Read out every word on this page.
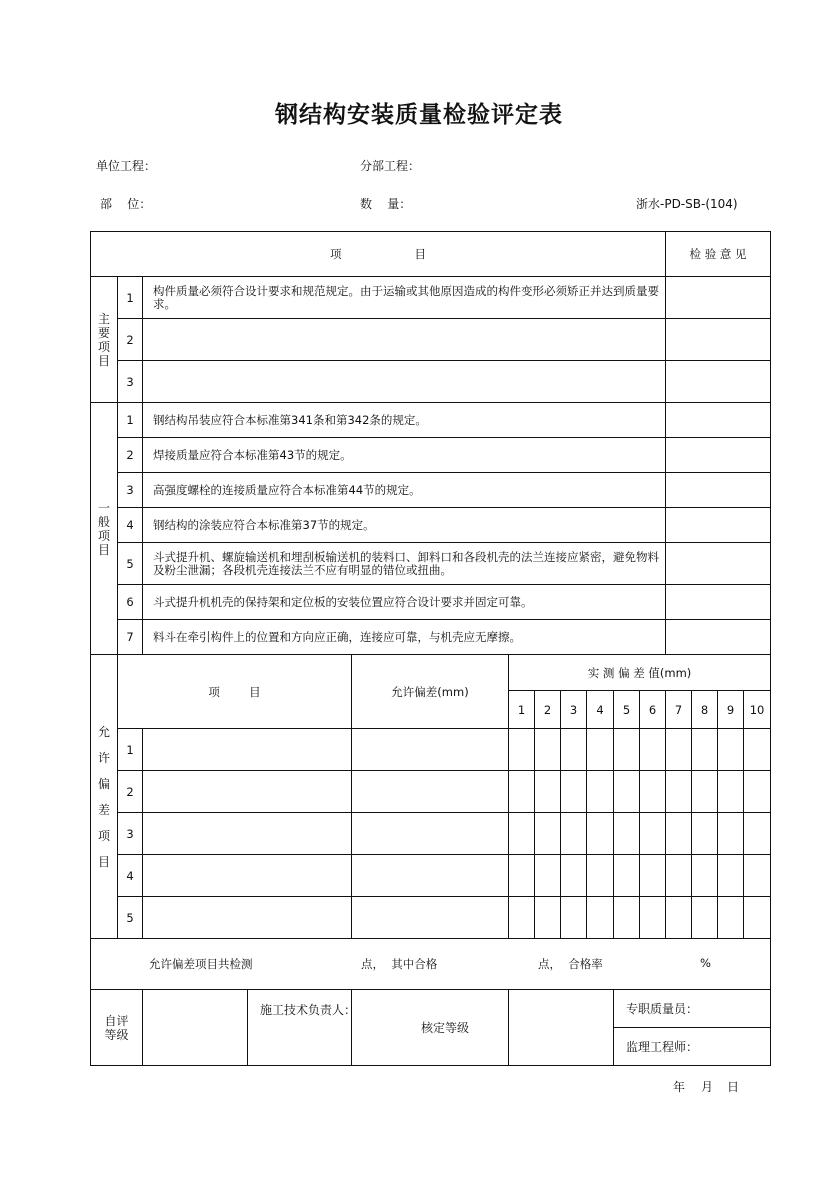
钢结构安装质量检验评定表
单位工程：	分部工程：
部    位：	数    量：	浙水-PD-SB-(104)
项                    目											检 验 意 见			

主要项目	1	构件质量必须符合设计要求和规范规定。由于运输或其他原因造成的构件变形必须矫正并达到质量要求。												
	2													
	3													

一般项目	1	钢结构吊装应符合本标准第341条和第342条的规定。												
	2	焊接质量应符合本标准第43节的规定。												
	3	高强度螺栓的连接质量应符合本标准第44节的规定。												
	4	钢结构的涂装应符合本标准第37节的规定。												
	5	斗式提升机、螺旋输送机和埋刮板输送机的装料口、卸料口和各段机壳的法兰连接应紧密，避免物料及粉尘泄漏；各段机壳连接法兰不应有明显的错位或扭曲。												
	6	斗式提升机机壳的保持架和定位板的安装位置应符合设计要求并固定可靠。												
	7	料斗在牵引构件上的位置和方向应正确，连接应可靠，与机壳应无摩擦。												

允许偏差项目	项        目			允许偏差(mm)	实 测 偏 差 值(mm)									
					1	2	3	4	5	6	7	8	9	10
	1													
	2													
	3													
	4													
	5													

允许偏差项目共检测 点，  其中合格 点，  合格率 %														

自评等级			施工技术负责人：	核定等级					专职质量员：					
									监理工程师：					
年 月 日
